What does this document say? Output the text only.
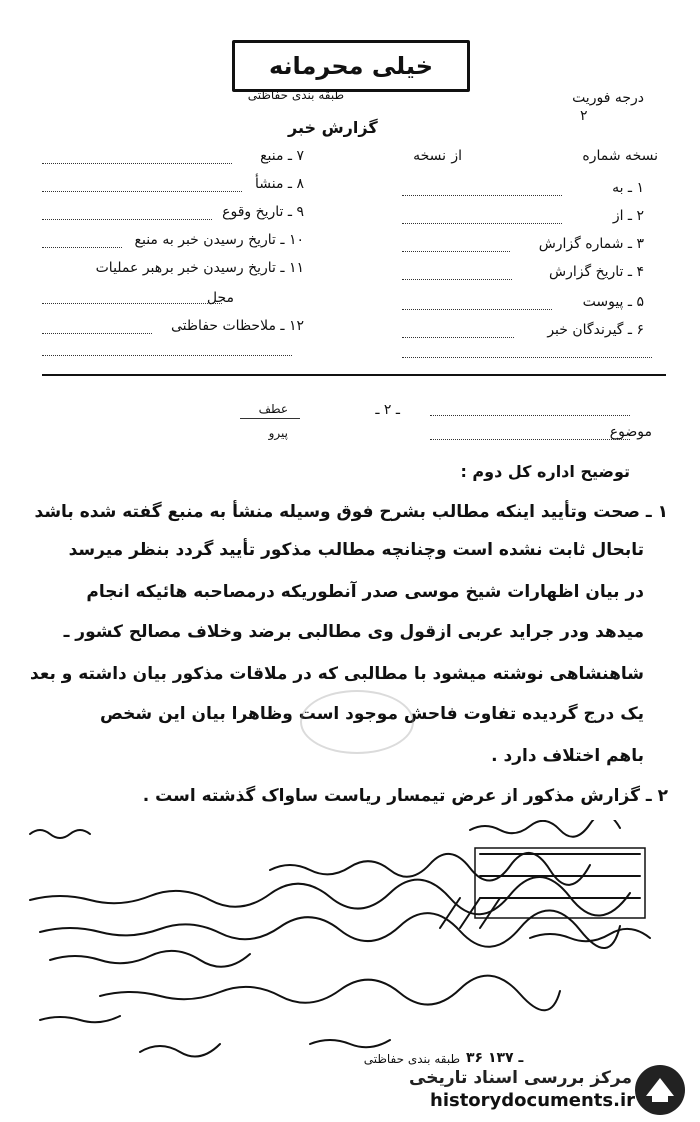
خیلی محرمانه
طبقه بندی حفاظتی	درجه فوریت
گزارش خبر
۲
نسخه شماره
از
نسخه
۱ ـ به
۲ ـ از
۳ ـ شماره گزارش
۴ ـ تاریخ گزارش
۵ ـ پیوست
۶ ـ گیرندگان خبر
۷ ـ منبع
۸ ـ منشأ
۹ ـ تاریخ وقوع
۱۰ ـ تاریخ رسیدن خبر به منبع
۱۱ ـ تاریخ رسیدن خبر برهبر عملیات
محل
۱۲ ـ ملاحظات حفاظتی
عطف
پیرو
ـ ۲ ـ
موضوع
توضیح اداره کل دوم :
۱ ـ صحت وتأیید اینکه مطالب بشرح فوق وسیله منشأ به منبع گفته شده باشد
تابحال ثابت نشده است وچنانچه مطالب مذکور تأیید گردد بنظر میرسد
در بیان اظهارات شیخ موسی صدر آنطوریکه درمصاحبه هائیکه انجام
میدهد ودر جراید عربی ازقول وی مطالبی برضد وخلاف مصالح کشور ـ
شاهنشاهی نوشته میشود با مطالبی که در ملاقات مذکور بیان داشته و بعد
یک درج گردیده تفاوت فاحش موجود است وظاهرا بیان این شخص
باهم اختلاف دارد .
۲ ـ گزارش مذکور از عرض تیمسار ریاست ساواک گذشته است .
طبقه بندی حفاظتی ۳۶ ـ ۱۳۷
مرکز بررسی اسناد تاریخی
historydocuments.ir
